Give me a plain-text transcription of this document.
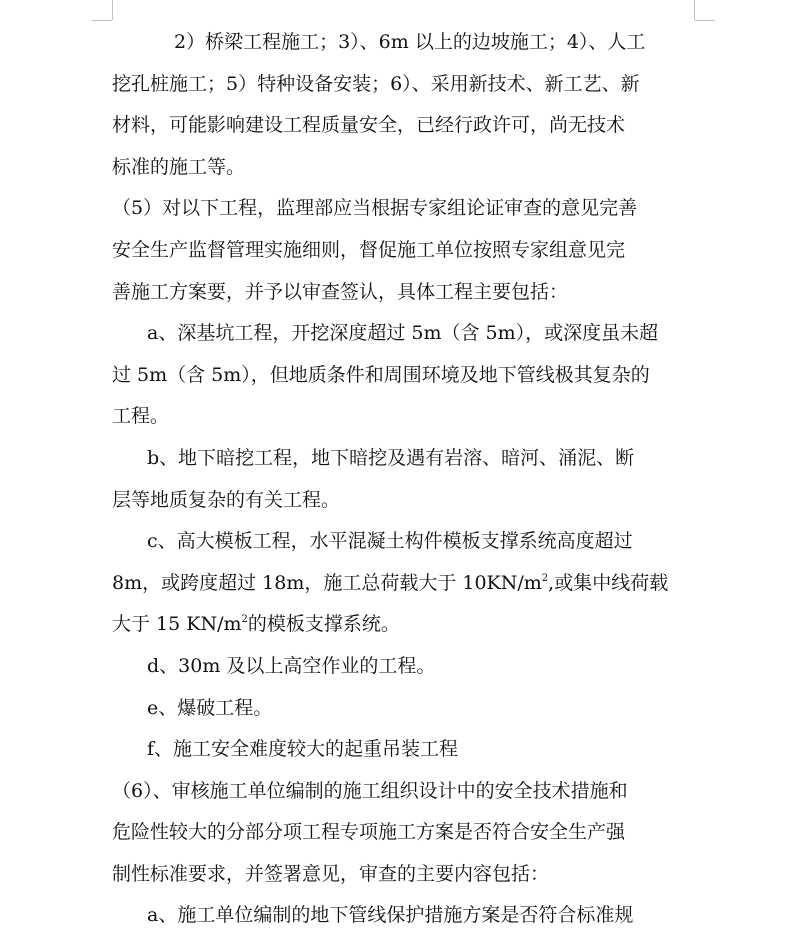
2）桥梁工程施工；3）、6m 以上的边坡施工；4）、人工
挖孔桩施工；5）特种设备安装；6）、采用新技术、新工艺、新
材料，可能影响建设工程质量安全，已经行政许可，尚无技术
标准的施工等。
（5）对以下工程，监理部应当根据专家组论证审查的意见完善
安全生产监督管理实施细则，督促施工单位按照专家组意见完
善施工方案要，并予以审查签认，具体工程主要包括：
a、深基坑工程，开挖深度超过 5m（含 5m），或深度虽未超
过 5m（含 5m），但地质条件和周围环境及地下管线极其复杂的
工程。
b、地下暗挖工程，地下暗挖及遇有岩溶、暗河、涌泥、断
层等地质复杂的有关工程。
c、高大模板工程，水平混凝土构件模板支撑系统高度超过
8m，或跨度超过 18m，施工总荷载大于 $10KN/m^2$,或集中线荷载
大于 15 $KN/m^2$的模板支撑系统。
d、30m 及以上高空作业的工程。
e、爆破工程。
f、施工安全难度较大的起重吊装工程
（6）、审核施工单位编制的施工组织设计中的安全技术措施和
危险性较大的分部分项工程专项施工方案是否符合安全生产强
制性标准要求，并签署意见，审查的主要内容包括：
a、施工单位编制的地下管线保护措施方案是否符合标准规
